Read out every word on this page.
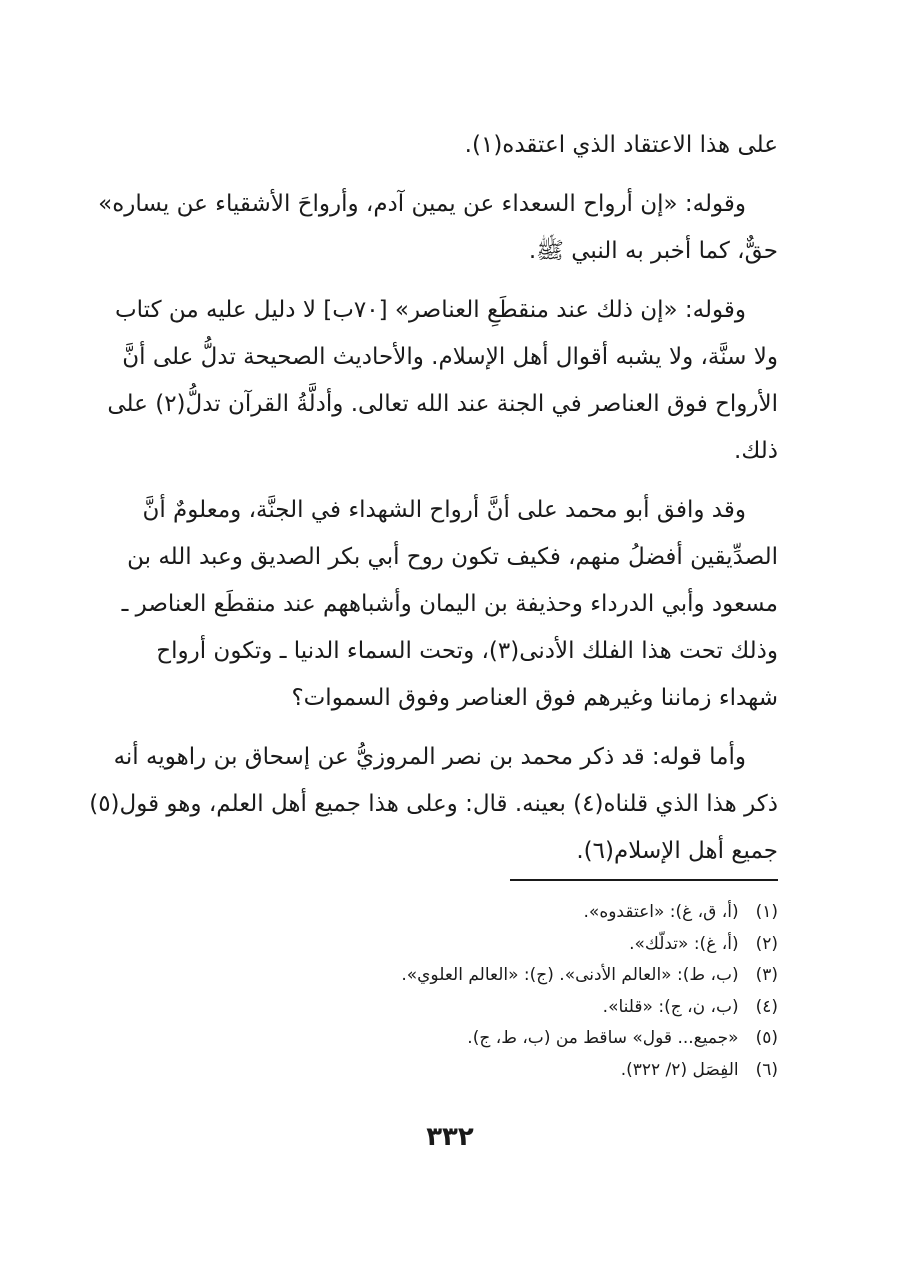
على هذا الاعتقاد الذي اعتقده(١).

وقوله: «إن أرواح السعداء عن يمين آدم، وأرواحَ الأشقياء عن يساره»
حقٌّ، كما أخبر به النبي ﷺ.

وقوله: «إن ذلك عند منقطَعِ العناصر» [٧٠ب] لا دليل عليه من كتاب
ولا سنَّة، ولا يشبه أقوال أهل الإسلام. والأحاديث الصحيحة تدلُّ على أنَّ
الأرواح فوق العناصر في الجنة عند الله تعالى. وأدلَّةُ القرآن تدلُّ(٢) على
ذلك.

وقد وافق أبو محمد على أنَّ أرواح الشهداء في الجنَّة، ومعلومٌ أنَّ
الصدِّيقين أفضلُ منهم، فكيف تكون روح أبي بكر الصديق وعبد الله بن
مسعود وأبي الدرداء وحذيفة بن اليمان وأشباههم عند منقطَع العناصر ـ
وذلك تحت هذا الفلك الأدنى(٣)، وتحت السماء الدنيا ـ وتكون أرواح
شهداء زماننا وغيرهم فوق العناصر وفوق السموات؟

وأما قوله: قد ذكر محمد بن نصر المروزيُّ عن إسحاق بن راهويه أنه
ذكر هذا الذي قلناه(٤) بعينه. قال: وعلى هذا جميع أهل العلم، وهو قول(٥)
جميع أهل الإسلام(٦).

(١) (أ، ق، غ): «اعتقدوه».
(٢) (أ، غ): «تدلّك».
(٣) (ب، ط): «العالم الأدنى». (ج): «العالم العلوي».
(٤) (ب، ن، ج): «قلنا».
(٥) «جميع... قول» ساقط من (ب، ط، ج).
(٦) الفِصَل (٢/ ٣٢٢).
٣٣٢
